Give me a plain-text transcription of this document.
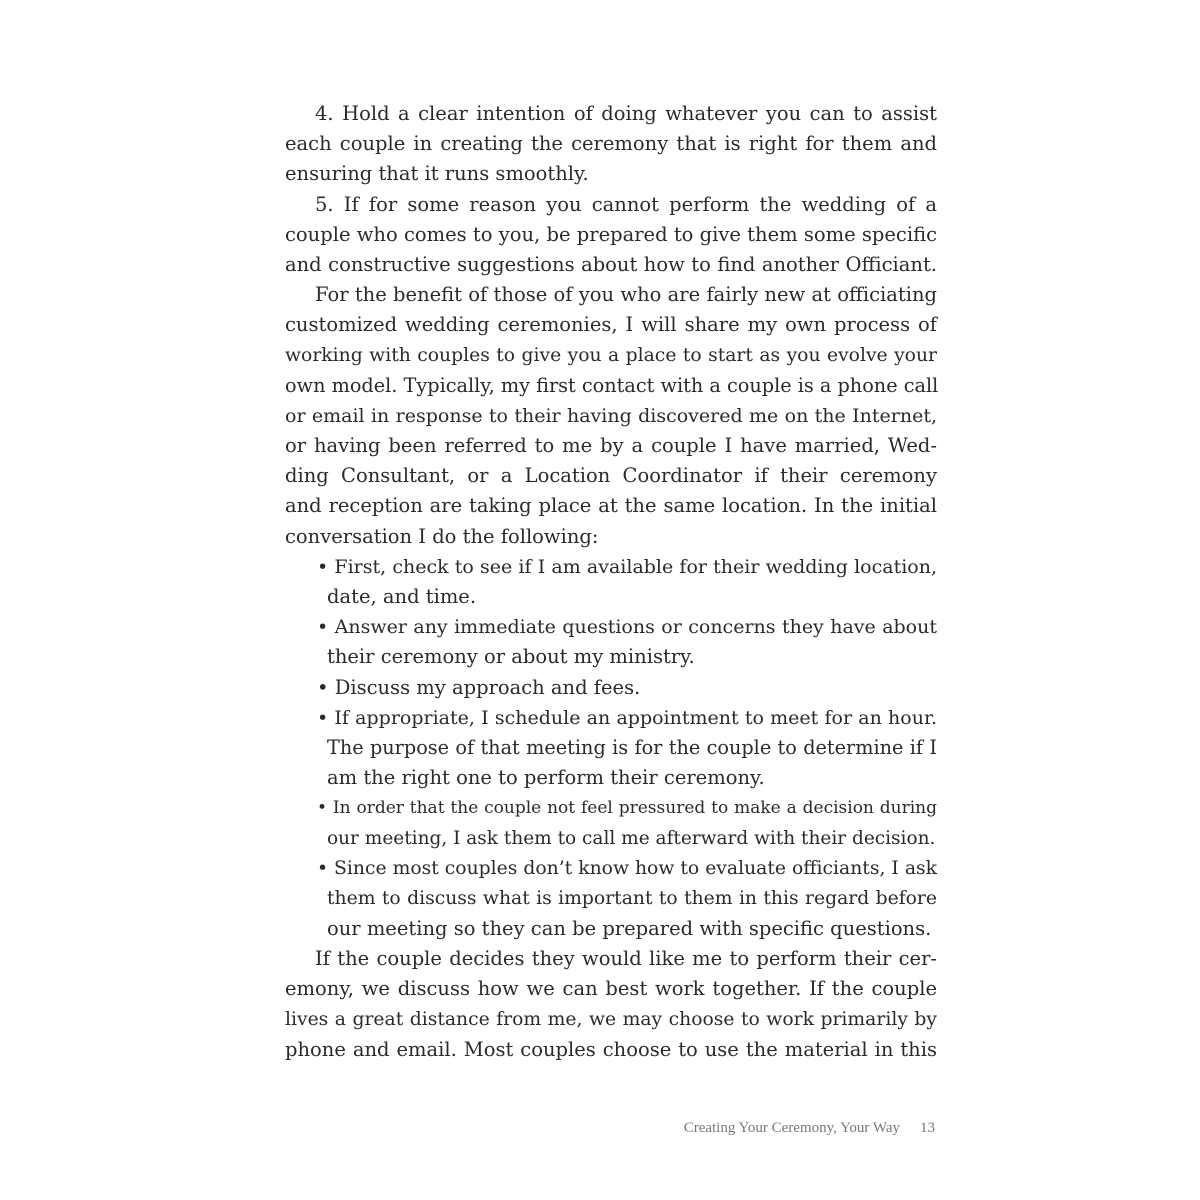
4. Hold a clear intention of doing whatever you can to assist
each couple in creating the ceremony that is right for them and
ensuring that it runs smoothly.
5. If for some reason you cannot perform the wedding of a
couple who comes to you, be prepared to give them some specific
and constructive suggestions about how to find another Officiant.
For the benefit of those of you who are fairly new at officiating
customized wedding ceremonies, I will share my own process of
working with couples to give you a place to start as you evolve your
own model. Typically, my first contact with a couple is a phone call
or email in response to their having discovered me on the Internet,
or having been referred to me by a couple I have married, Wed-
ding Consultant, or a Location Coordinator if their ceremony
and reception are taking place at the same location. In the initial
conversation I do the following:
• First, check to see if I am available for their wedding location,
date, and time.
• Answer any immediate questions or concerns they have about
their ceremony or about my ministry.
• Discuss my approach and fees.
• If appropriate, I schedule an appointment to meet for an hour.
The purpose of that meeting is for the couple to determine if I
am the right one to perform their ceremony.
• In order that the couple not feel pressured to make a decision during
our meeting, I ask them to call me afterward with their decision.
• Since most couples don’t know how to evaluate officiants, I ask
them to discuss what is important to them in this regard before
our meeting so they can be prepared with specific questions.
If the couple decides they would like me to perform their cer-
emony, we discuss how we can best work together. If the couple
lives a great distance from me, we may choose to work primarily by
phone and email. Most couples choose to use the material in this
Creating Your Ceremony, Your Way 13
